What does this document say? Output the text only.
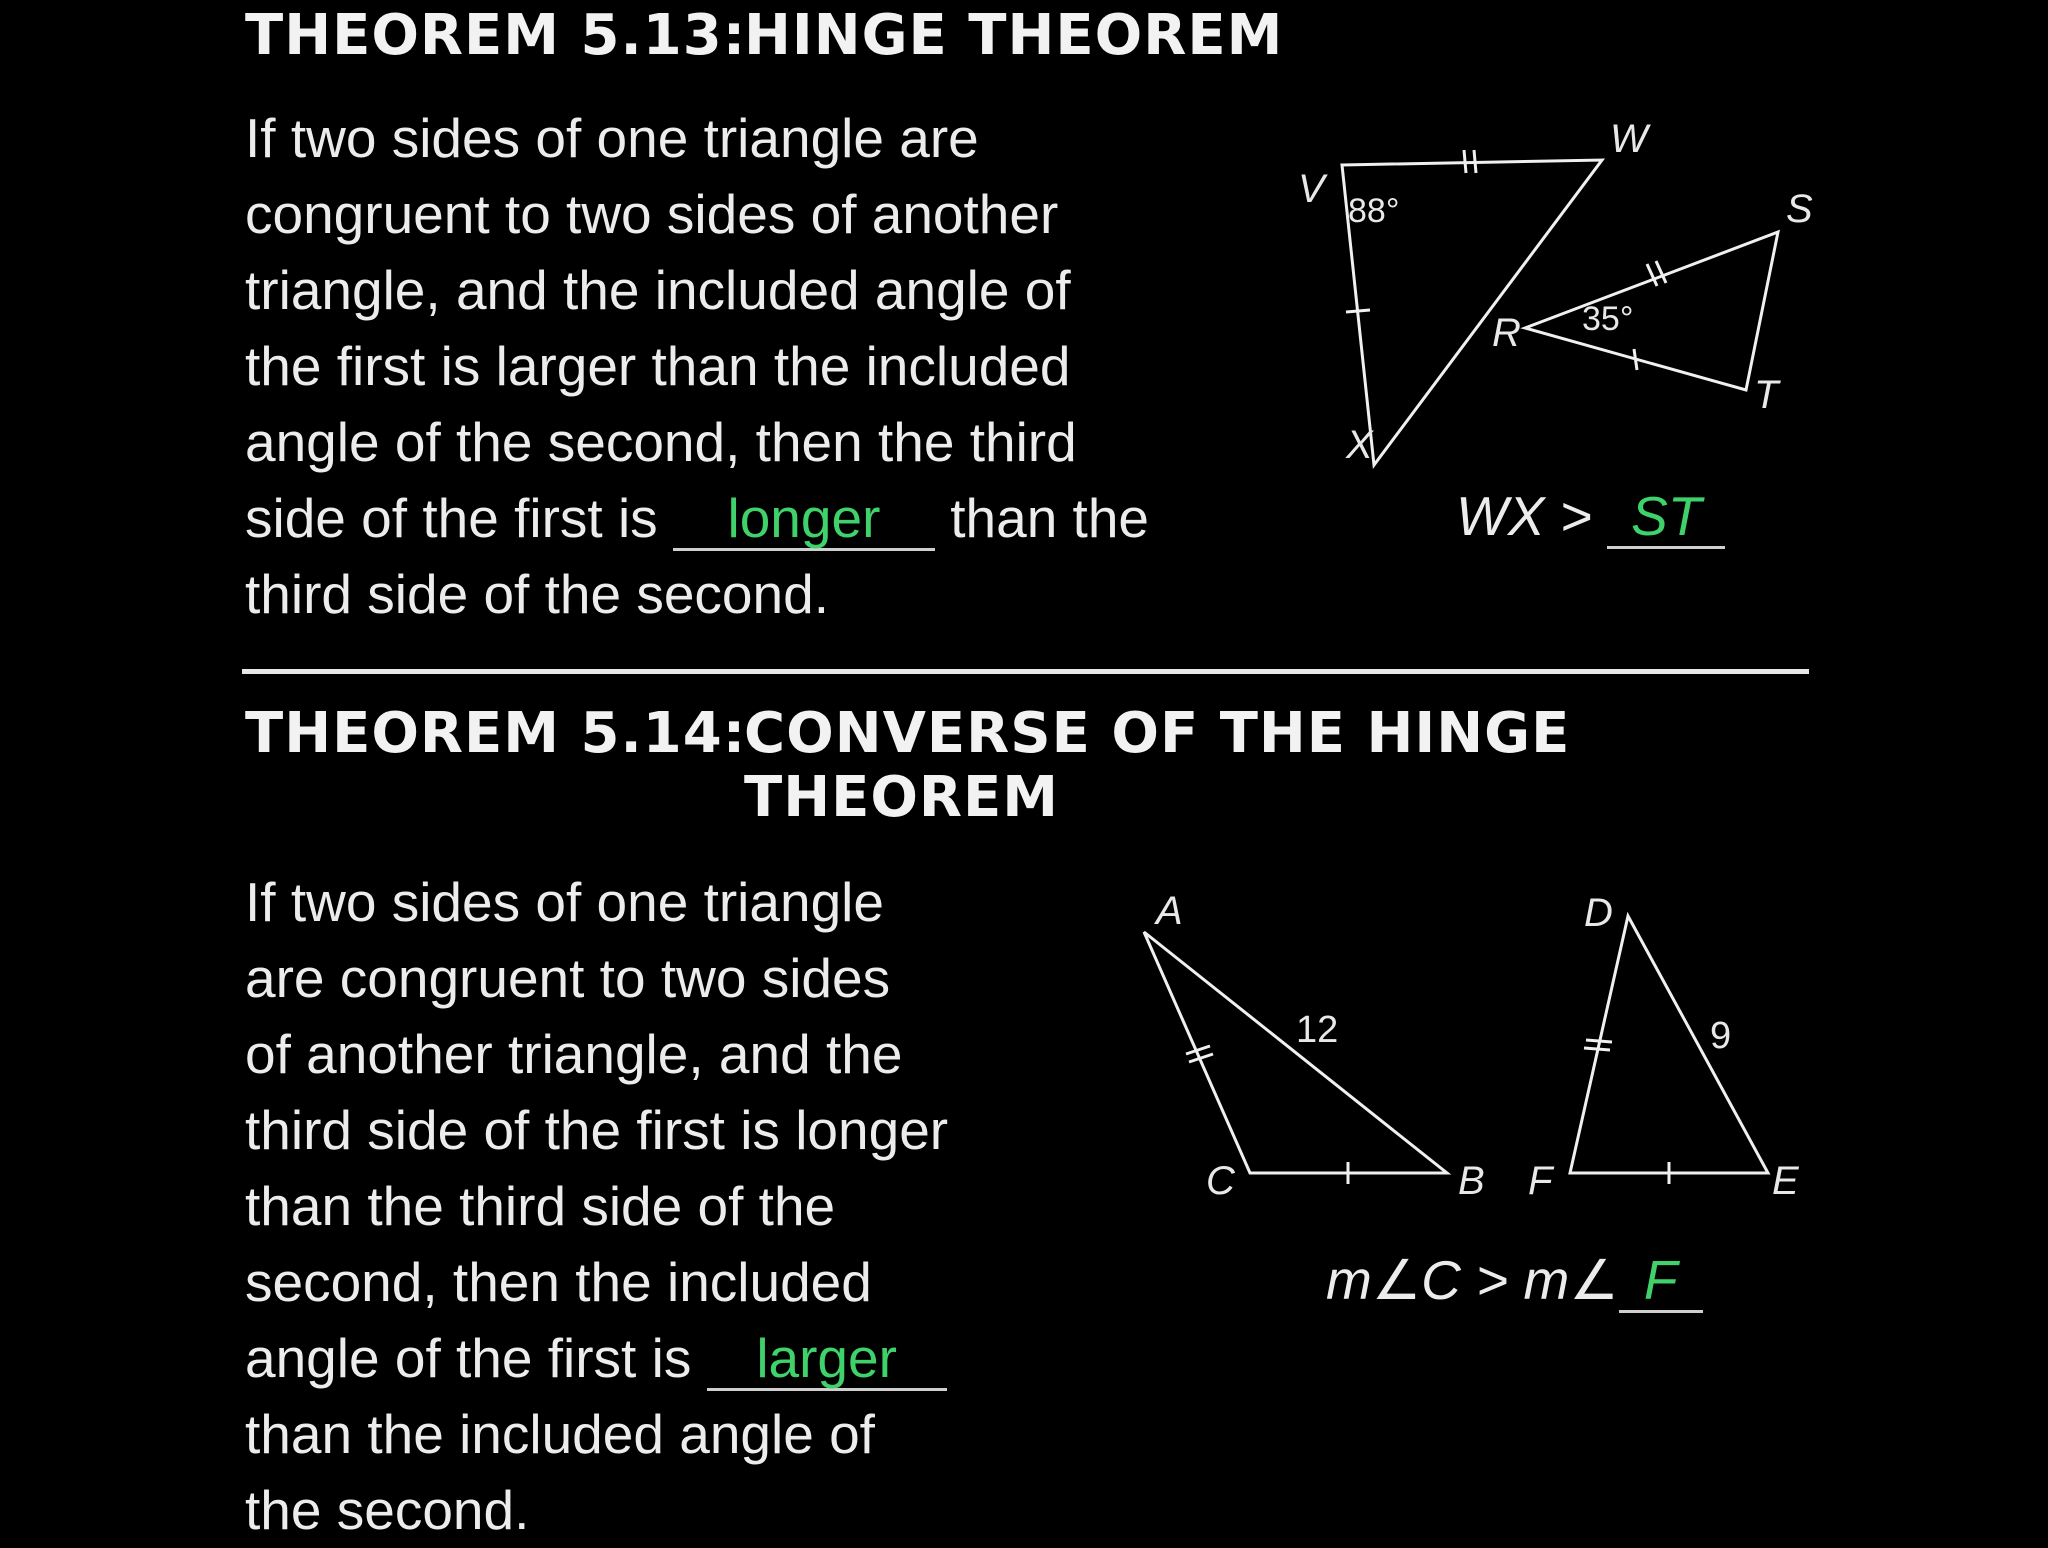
THEOREM 5.13:
HINGE THEOREM
If two sides of one triangle are
congruent to two sides of another
triangle, and the included angle of
the first is larger than the included
angle of the second, then the third
side of the first is longer than the
third side of the second.
V
W
X
R
S
T
88°
35°
WX > ST
THEOREM 5.14:
CONVERSE OF THE HINGE
THEOREM
If two sides of one triangle
are congruent to two sides
of another triangle, and the
third side of the first is longer
than the third side of the
second, then the included
angle of the first is larger
than the included angle of
the second.
A
C	B
D
F	E
12	9
m∠C > m∠ F
